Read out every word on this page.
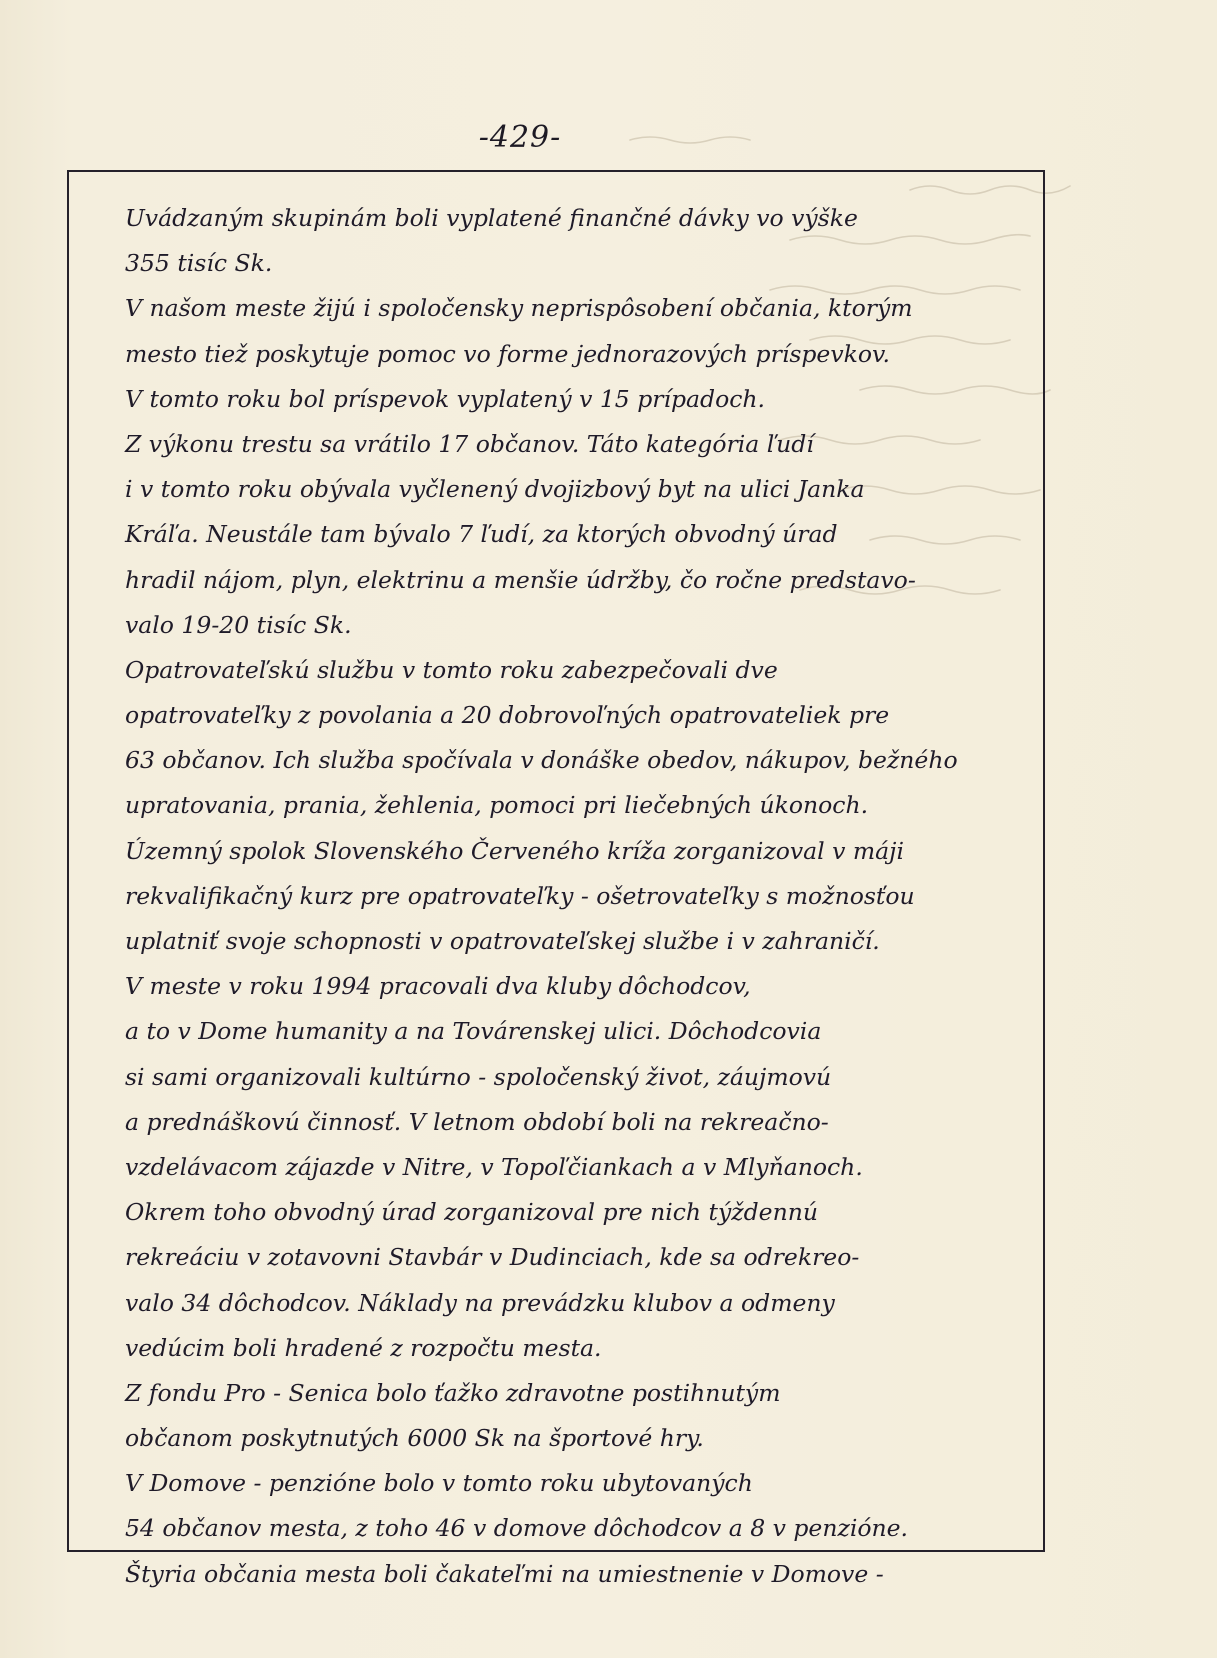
-429-
Uvádzaným skupinám boli vyplatené finančné dávky vo výške
355 tisíc Sk.
V našom meste žijú i spoločensky neprispôsobení občania, ktorým
mesto tiež poskytuje pomoc vo forme jednorazových príspevkov.
V tomto roku bol príspevok vyplatený v 15 prípadoch.
Z výkonu trestu sa vrátilo 17 občanov. Táto kategória ľudí
i v tomto roku obývala vyčlenený dvojizbový byt na ulici Janka
Kráľa. Neustále tam bývalo 7 ľudí, za ktorých obvodný úrad
hradil nájom, plyn, elektrinu a menšie údržby, čo ročne predstavo-
valo 19-20 tisíc Sk.
Opatrovateľskú službu v tomto roku zabezpečovali dve
opatrovateľky z povolania a 20 dobrovoľných opatrovateliek pre
63 občanov. Ich služba spočívala v donáške obedov, nákupov, bežného
upratovania, prania, žehlenia, pomoci pri liečebných úkonoch.
Územný spolok Slovenského Červeného kríža zorganizoval v máji
rekvalifikačný kurz pre opatrovateľky - ošetrovateľky s možnosťou
uplatniť svoje schopnosti v opatrovateľskej službe i v zahraničí.
V meste v roku 1994 pracovali dva kluby dôchodcov,
a to v Dome humanity a na Továrenskej ulici. Dôchodcovia
si sami organizovali kultúrno - spoločenský život, záujmovú
a prednáškovú činnosť. V letnom období boli na rekreačno-
vzdelávacom zájazde v Nitre, v Topoľčiankach a v Mlyňanoch.
Okrem toho obvodný úrad zorganizoval pre nich týždennú
rekreáciu v zotavovni Stavbár v Dudinciach, kde sa odrekreo-
valo 34 dôchodcov. Náklady na prevádzku klubov a odmeny
vedúcim boli hradené z rozpočtu mesta.
Z fondu Pro - Senica bolo ťažko zdravotne postihnutým
občanom poskytnutých 6000 Sk na športové hry.
V Domove - penzióne bolo v tomto roku ubytovaných
54 občanov mesta, z toho 46 v domove dôchodcov a 8 v penzióne.
Štyria občania mesta boli čakateľmi na umiestnenie v Domove -
